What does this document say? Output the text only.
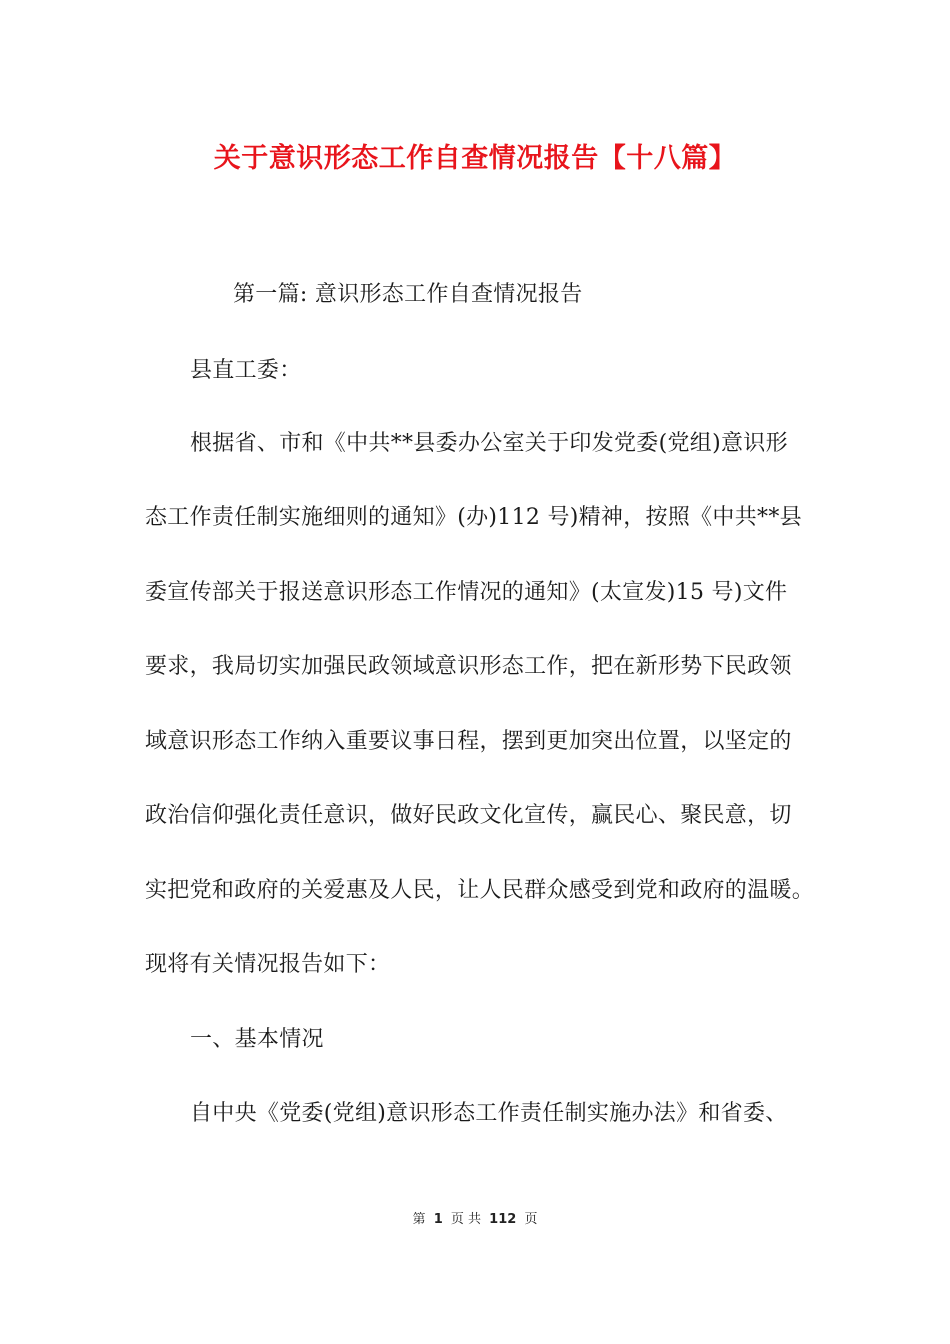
关于意识形态工作自查情况报告【十八篇】
第一篇: 意识形态工作自查情况报告
县直工委：
根据省、市和《中共**县委办公室关于印发党委(党组)意识形
态工作责任制实施细则的通知》(办)112 号)精神，按照《中共**县
委宣传部关于报送意识形态工作情况的通知》(太宣发)15 号)文件
要求，我局切实加强民政领域意识形态工作，把在新形势下民政领
域意识形态工作纳入重要议事日程，摆到更加突出位置，以坚定的
政治信仰强化责任意识，做好民政文化宣传，赢民心、聚民意，切
实把党和政府的关爱惠及人民，让人民群众感受到党和政府的温暖。
现将有关情况报告如下：
一、基本情况
自中央《党委(党组)意识形态工作责任制实施办法》和省委、
第 1 页 共 112 页
